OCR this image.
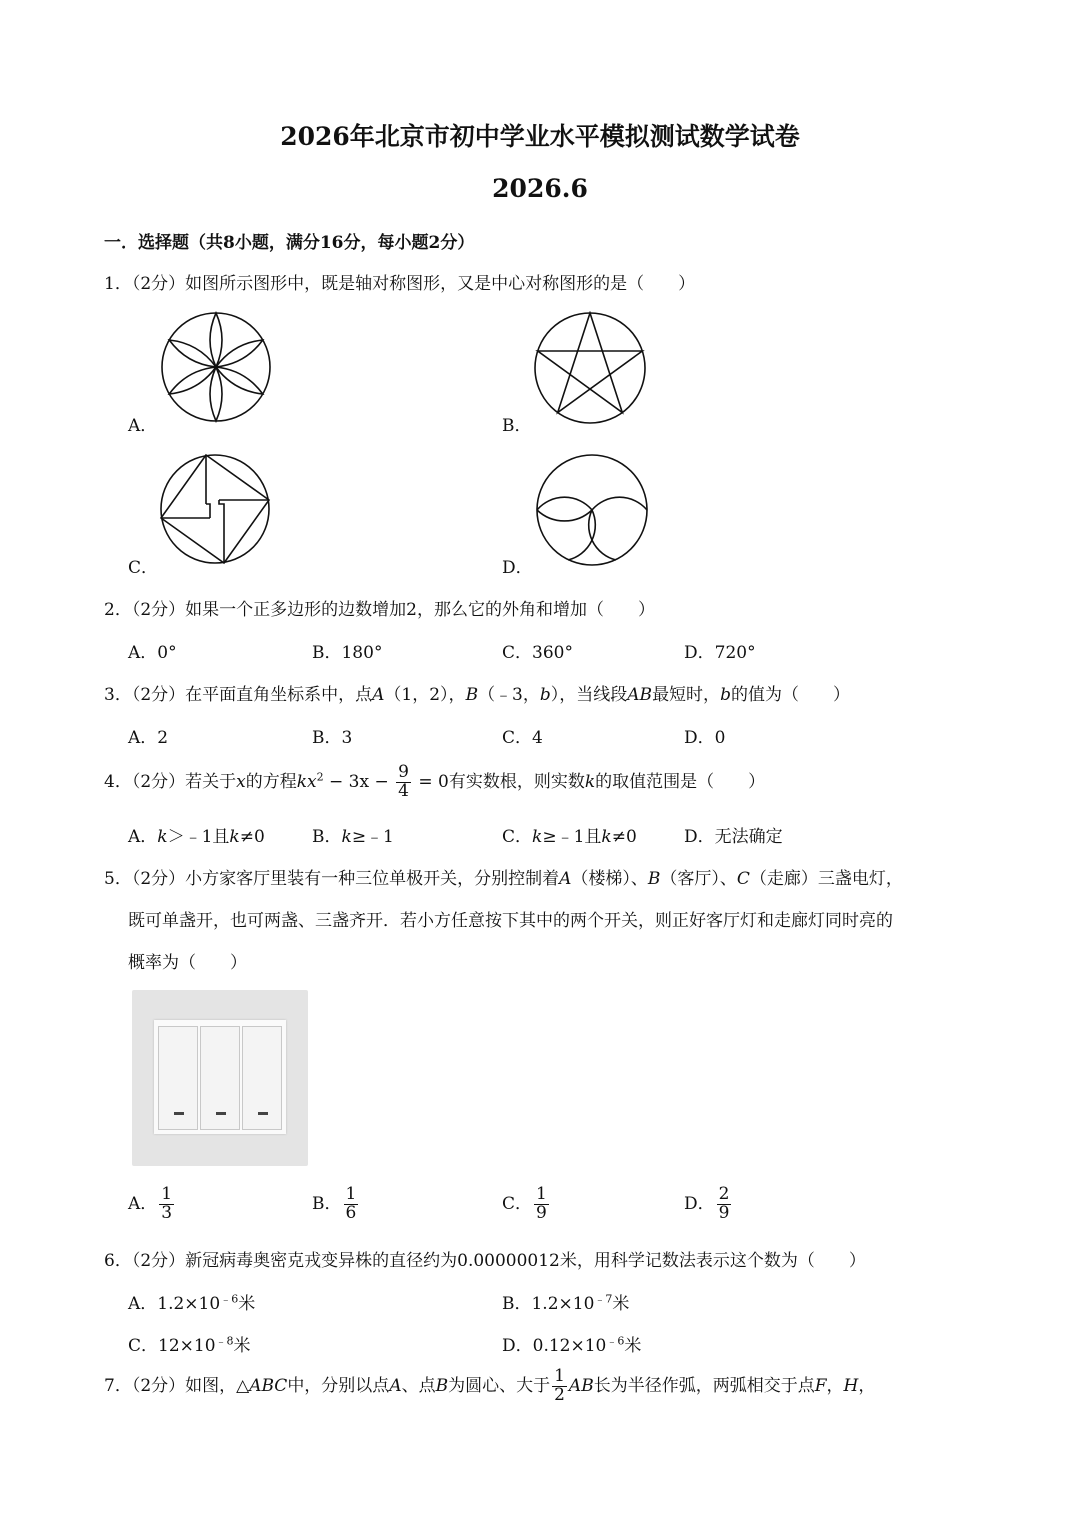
2026年北京市初中学业水平模拟测试数学试卷
2026.6
一．选择题（共8小题，满分16分，每小题2分）
1．（2分）如图所示图形中，既是轴对称图形，又是中心对称图形的是（　　）
A．	B．
C．	D．
2．（2分）如果一个正多边形的边数增加2，那么它的外角和增加（　　）
A．0°	B．180°	C．360°	D．720°
3．（2分）在平面直角坐标系中，点A（1，2），B（﹣3，b），当线段AB最短时，b的值为（　　）
A．2	B．3	C．4	D．0
4．（2分）若关于x的方程$kx^2 - 3x - \frac{9}{4} = 0$有实数根，则实数k的取值范围是（　　）
A．k＞﹣1且k≠0	B．k≥﹣1	C．k≥﹣1且k≠0	D．无法确定
5．（2分）小方家客厅里装有一种三位单极开关，分别控制着A（楼梯）、B（客厅）、C（走廊）三盏电灯，
既可单盏开，也可两盏、三盏齐开．若小方任意按下其中的两个开关，则正好客厅灯和走廊灯同时亮的
概率为（　　）
A． $\frac{1}{3}$	B． $\frac{1}{6}$	C． $\frac{1}{9}$	D． $\frac{2}{9}$
6．（2分）新冠病毒奥密克戎变异株的直径约为0.00000012米，用科学记数法表示这个数为（　　）
A．$1.2\times 10^{﹣6}$米	B．$1.2\times 10^{﹣7}$米
C．$12\times 10^{﹣8}$米	D．$0.12\times 10^{﹣6}$米
7．（2分）如图，△ABC中，分别以点A、点B为圆心、大于 $\frac{1}{2}$ AB长为半径作弧，两弧相交于点F，H，
